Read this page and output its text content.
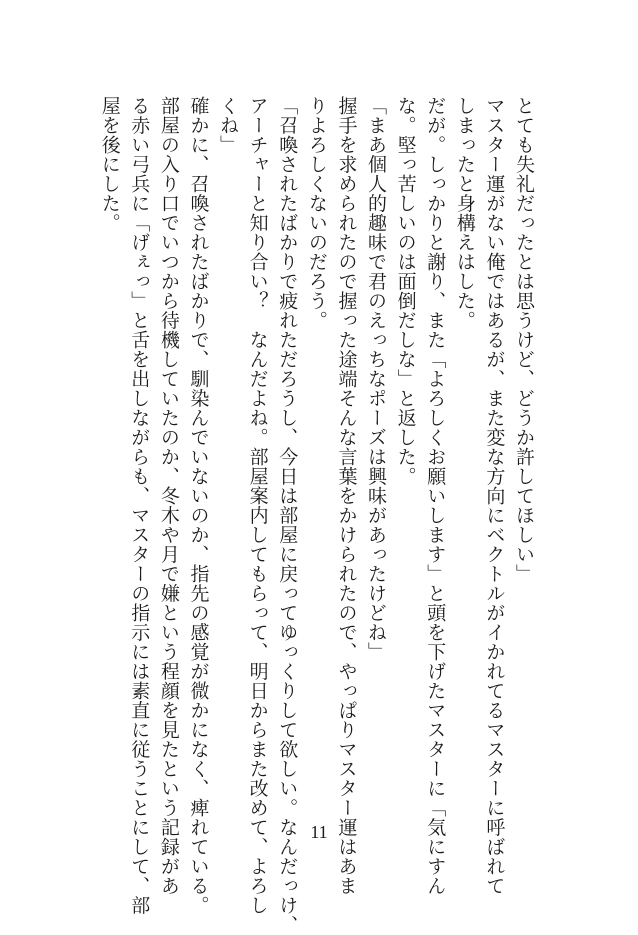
とても失礼だったとは思うけど、どうか許してほしい」
マスター運がない俺ではあるが、また変な方向にベクトルがイかれてるマスターに呼ばれて
しまったと身構えはした。
だが。しっかりと謝り、また「よろしくお願いします」と頭を下げたマスターに「気にすん
な。堅っ苦しいのは面倒だしな」と返した。
「まあ個人的趣味で君のえっちなポーズは興味があったけどね」
握手を求められたので握った途端そんな言葉をかけられたので、やっぱりマスター運はあま
りよろしくないのだろう。
「召喚されたばかりで疲れただろうし、今日は部屋に戻ってゆっくりして欲しい。なんだっけ、
アーチャーと知り合い？　なんだよね。部屋案内してもらって、明日からまた改めて、よろし
くね」
確かに、召喚されたばかりで、馴染んでいないのか、指先の感覚が微かになく、痺れている。
部屋の入り口でいつから待機していたのか、冬木や月で嫌という程顔を見たという記録があ
る赤い弓兵に「げぇっ」と舌を出しながらも、マスターの指示には素直に従うことにして、部
屋を後にした。
11
